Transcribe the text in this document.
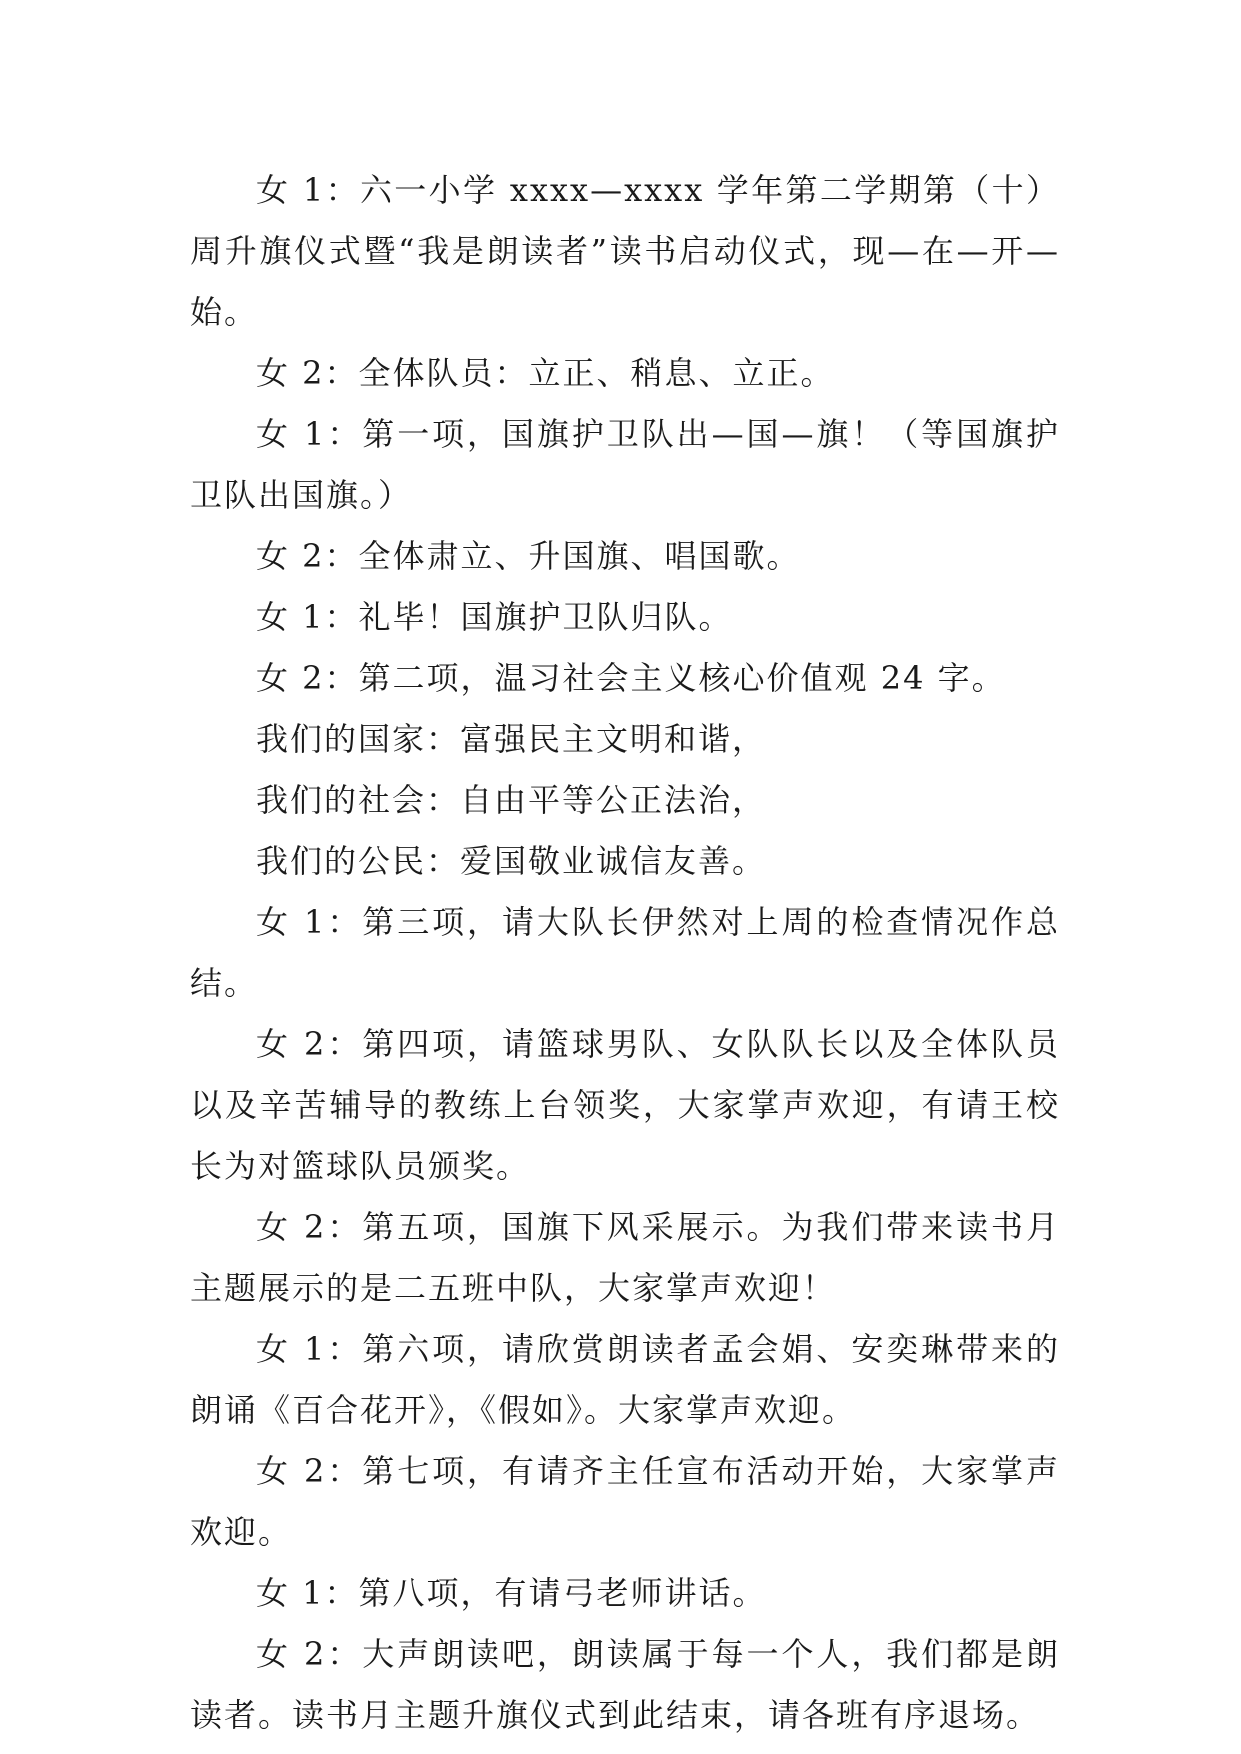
女 1：六一小学 xxxx—xxxx 学年第二学期第（十）周升旗仪式暨“我是朗读者”读书启动仪式，现—在—开—始。

女 2：全体队员：立正、稍息、立正。

女 1：第一项，国旗护卫队出—国—旗！（等国旗护卫队出国旗。）

女 2：全体肃立、升国旗、唱国歌。

女 1：礼毕！国旗护卫队归队。

女 2：第二项，温习社会主义核心价值观 24 字。

我们的国家：富强民主文明和谐，

我们的社会：自由平等公正法治，

我们的公民：爱国敬业诚信友善。

女 1：第三项，请大队长伊然对上周的检查情况作总结。

女 2：第四项，请篮球男队、女队队长以及全体队员以及辛苦辅导的教练上台领奖，大家掌声欢迎，有请王校长为对篮球队员颁奖。

女 2：第五项，国旗下风采展示。为我们带来读书月主题展示的是二五班中队，大家掌声欢迎！

女 1：第六项，请欣赏朗读者孟会娟、安奕琳带来的朗诵《百合花开》，《假如》。大家掌声欢迎。

女 2：第七项，有请齐主任宣布活动开始，大家掌声欢迎。

女 1：第八项，有请弓老师讲话。

女 2：大声朗读吧，朗读属于每一个人，我们都是朗读者。读书月主题升旗仪式到此结束，请各班有序退场。
